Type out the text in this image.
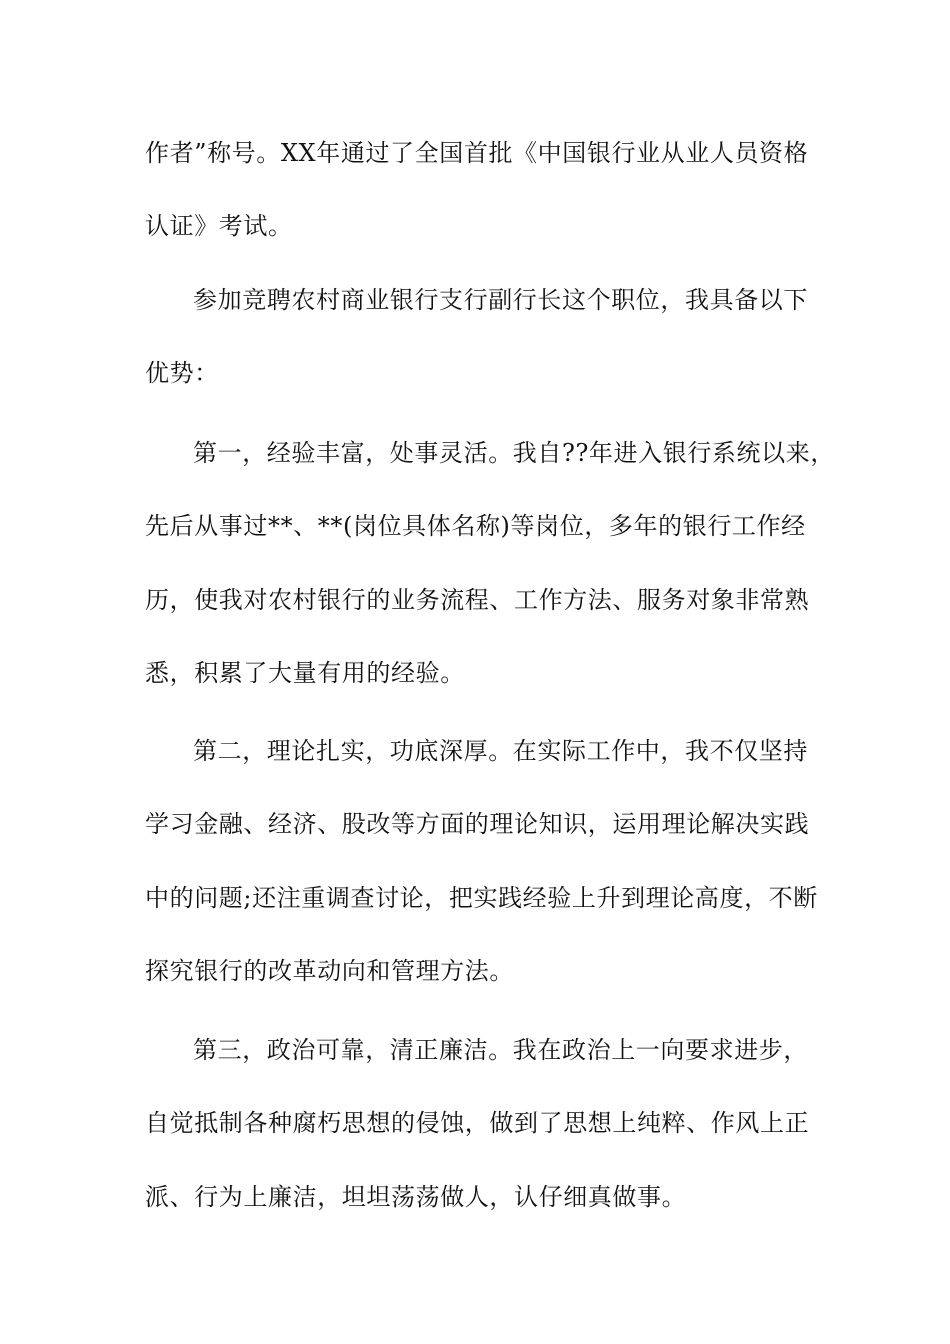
作者”称号。XX年通过了全国首批《中国银行业从业人员资格
认证》考试。
参加竞聘农村商业银行支行副行长这个职位，我具备以下
优势：
第一，经验丰富，处事灵活。我自??年进入银行系统以来，
先后从事过**、**(岗位具体名称)等岗位，多年的银行工作经
历，使我对农村银行的业务流程、工作方法、服务对象非常熟
悉，积累了大量有用的经验。
第二，理论扎实，功底深厚。在实际工作中，我不仅坚持
学习金融、经济、股改等方面的理论知识，运用理论解决实践
中的问题;还注重调查讨论，把实践经验上升到理论高度，不断
探究银行的改革动向和管理方法。
第三，政治可靠，清正廉洁。我在政治上一向要求进步，
自觉抵制各种腐朽思想的侵蚀，做到了思想上纯粹、作风上正
派、行为上廉洁，坦坦荡荡做人，认仔细真做事。
